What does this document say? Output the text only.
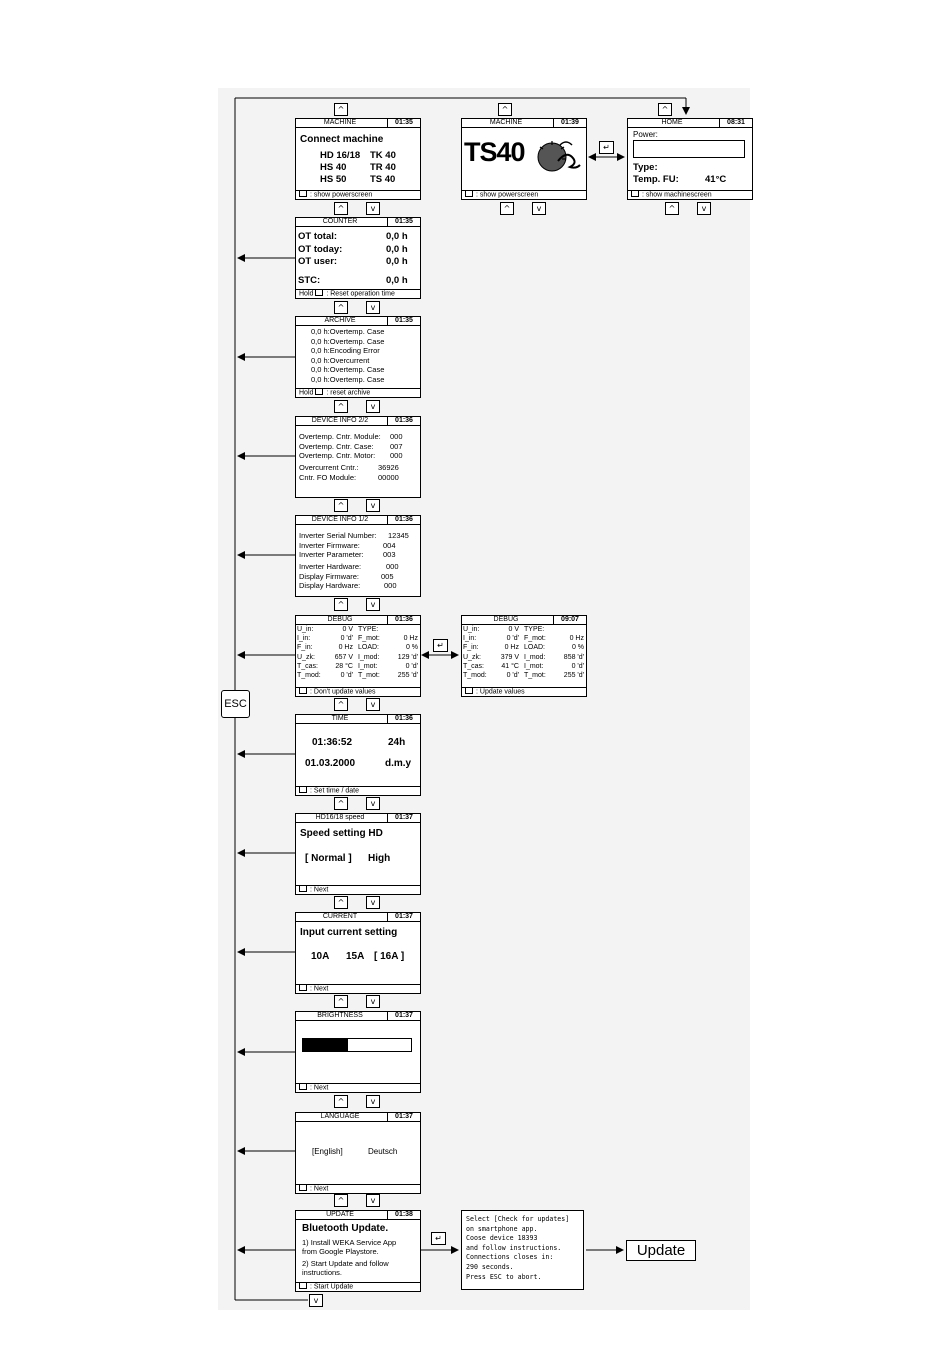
^	^	^
^	v	^	v	^	v
^	v
^	v
^	v
^	v
^	v
^	v
^	v
^	v
^	v
^	v
v
↵
↵
↵
ESC
MACHINE	01:35
Connect machine
HD 16/18 TK 40
HS 40 TR 40
HS 50 TS 40
: show powerscreen
MACHINE	01:39
TS40
: show powerscreen
HOME	08:31
Power:
Type:
Temp. FU:	41°C
: show machinescreen
COUNTER	01:35
OT total:	0,0 h
OT today:	0,0 h
OT user:	0,0 h
STC:	0,0 h
Hold : Reset operation time
ARCHIVE	01:35
0,0 h:Overtemp. Case
0,0 h:Overtemp. Case
0,0 h:Encoding Error
0,0 h:Overcurrent
0,0 h:Overtemp. Case
0,0 h:Overtemp. Case
Hold : reset archive
DEVICE INFO 2/2	01:36
Overtemp. Cntr. Module: 000
Overtemp. Cntr. Case: 007
Overtemp. Cntr. Motor: 000
Overcurrent Cntr.:	36926
Cntr. FO Module:	00000
DEVICE INFO 1/2	01:36
Inverter Serial Number: 12345
Inverter Firmware:	004
Inverter Parameter:	003
Inverter Hardware:	000
Display Firmware:	005
Display Hardware:	000
DEBUG	01:36
U_in:	0 V TYPE:
I_in:	0 'd' F_mot:	0 Hz
F_in:	0 Hz LOAD:	0 %
U_zk:	657 V I_mod:	129 'd'
T_cas: 28 °C I_mot:	0 'd'
T_mod:	0 'd' T_mot:	255 'd'
: Don't update values
DEBUG	09:07
U_in:	0 V TYPE:
I_in:	0 'd' F_mot:	0 Hz
F_in:	0 Hz LOAD:	0 %
U_zk:	379 V I_mod:	858 'd'
T_cas: 41 °C I_mot:	0 'd'
T_mod:	0 'd' T_mot:	255 'd'
: Update values
TIME	01:36
01:36:52	24h
01.03.2000	d.m.y
: Set time / date
HD16/18 speed	01:37
Speed setting HD
[ Normal ] High
: Next
CURRENT	01:37
Input current setting
10A 15A [ 16A ]
: Next
BRIGHTNESS	01:37
: Next
LANGUAGE	01:37
[English]	Deutsch
: Next
UPDATE	01:38
Bluetooth Update.
1) Install WEKA Service App
from Google Playstore.
2) Start Update and follow
instructions.
: Start Update
Select [Check for updates]
on smartphone app.
Coose device 18393
and follow instructions.
Connections closes in:
290 seconds.
Press ESC to abort.
Update
